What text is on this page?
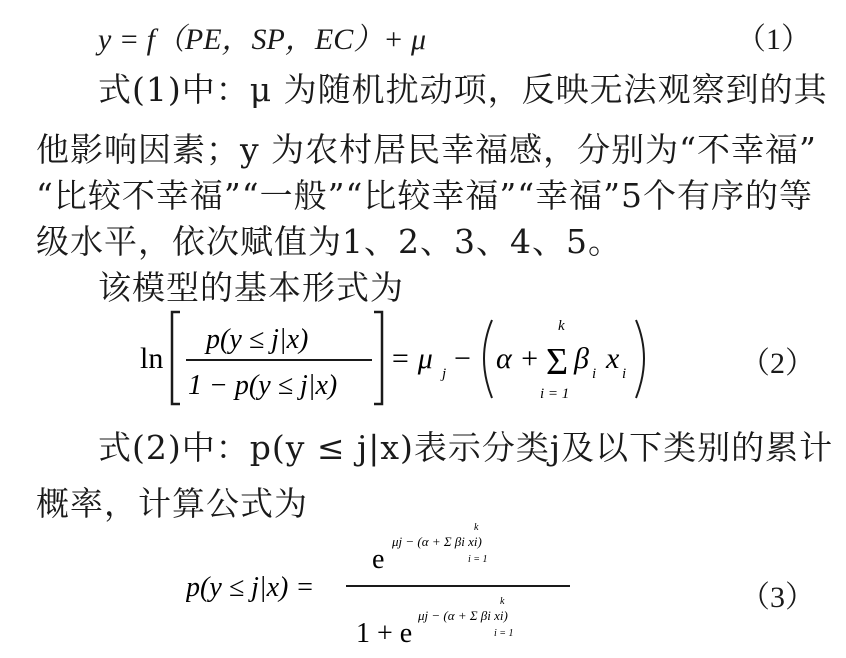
y = f（PE，SP，EC）+ μ	（1）
式(1)中：μ 为随机扰动项，反映无法观察到的其
他影响因素；y 为农村居民幸福感，分别为“不幸福”
“比较不幸福”“一般”“比较幸福”“幸福”5个有序的等
级水平，依次赋值为1、2、3、4、5。
该模型的基本形式为
ln
p(y ≤ j|x)
1 − p(y ≤ j|x)
= μ j − α +
k
Σ
i = 1
β i x i	（2）
式(2)中：p(y ≤ j|x)表示分类j及以下类别的累计
概率，计算公式为
p(y ≤ j|x) =
e
μj − (α + Σ βi xi)
k
i = 1
1 + e
μj − (α + Σ βi xi)
k
i = 1
（3）
